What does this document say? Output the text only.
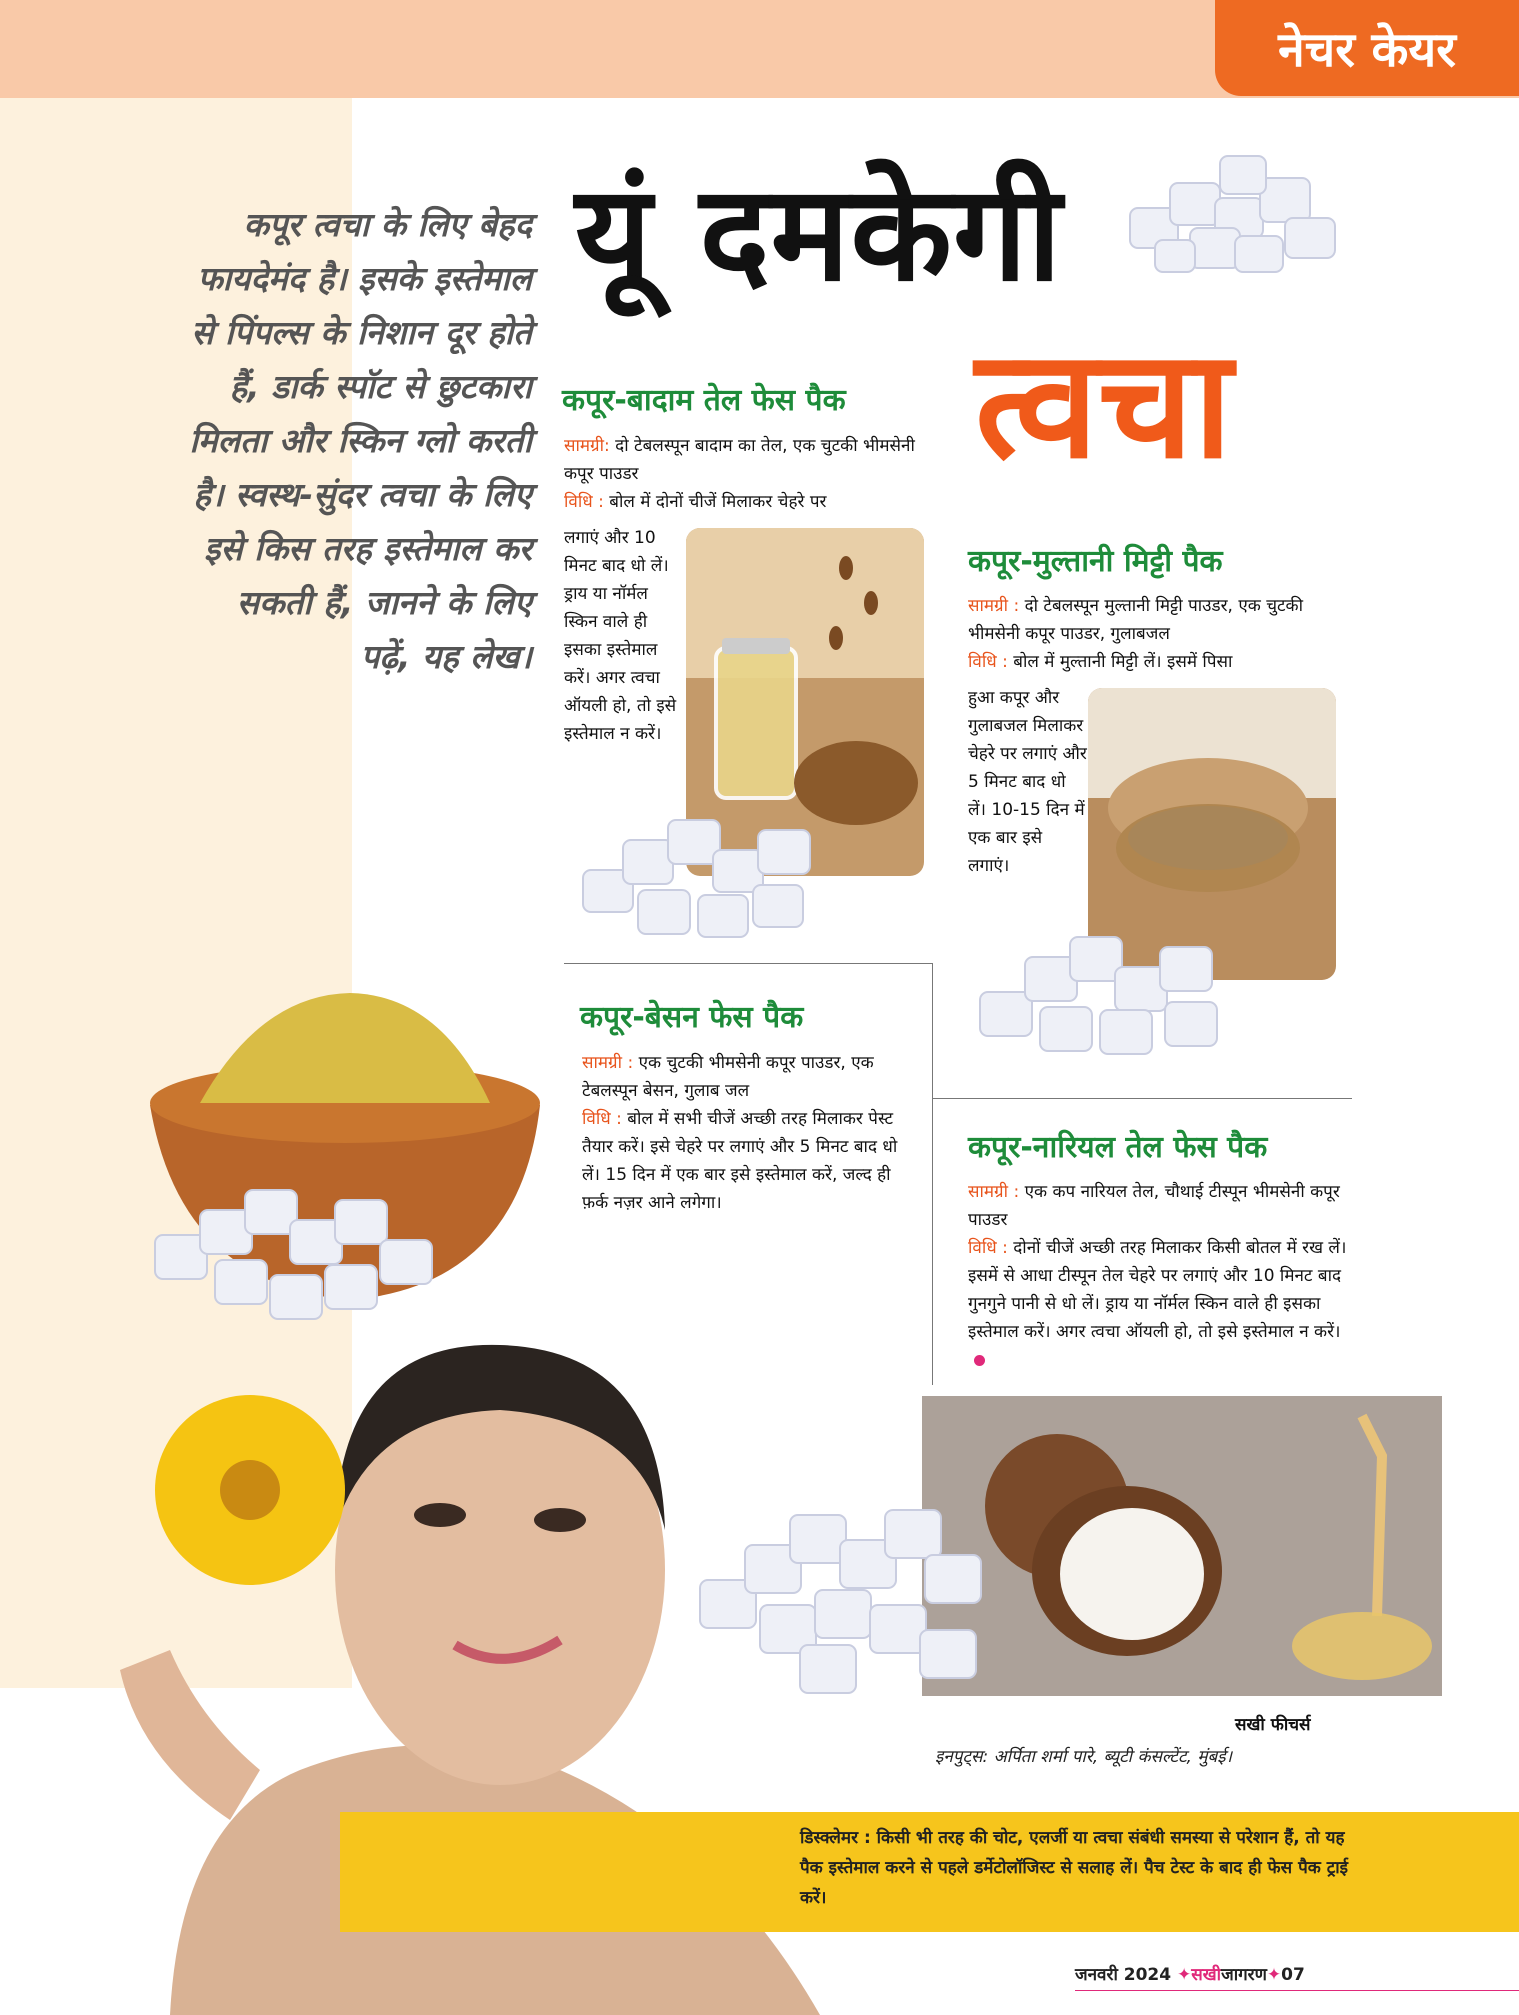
नेचर केयर
यूं दमकेगी
त्वचा
कपूर त्वचा के लिए बेहद फायदेमंद है। इसके इस्तेमाल से पिंपल्स के निशान दूर होते हैं, डार्क स्पॉट से छुटकारा मिलता और स्किन ग्लो करती है। स्वस्थ-सुंदर त्वचा के लिए इसे किस तरह इस्तेमाल कर सकती हैं, जानने के लिए पढ़ें, यह लेख।
कपूर-बादाम तेल फेस पैक
सामग्री: दो टेबलस्पून बादाम का तेल, एक चुटकी भीमसेनी कपूर पाउडर
विधि : बोल में दोनों चीजें मिलाकर चेहरे पर
लगाएं और 10 मिनट बाद धो लें। ड्राय या नॉर्मल स्किन वाले ही इसका इस्तेमाल करें। अगर त्वचा ऑयली हो, तो इसे इस्तेमाल न करें।
कपूर-मुल्तानी मिट्टी पैक
सामग्री : दो टेबलस्पून मुल्तानी मिट्टी पाउडर, एक चुटकी भीमसेनी कपूर पाउडर, गुलाबजल
विधि : बोल में मुल्तानी मिट्टी लें। इसमें पिसा
हुआ कपूर और गुलाबजल मिलाकर चेहरे पर लगाएं और 5 मिनट बाद धो लें। 10-15 दिन में एक बार इसे लगाएं।
कपूर-बेसन फेस पैक
सामग्री : एक चुटकी भीमसेनी कपूर पाउडर, एक टेबलस्पून बेसन, गुलाब जल
विधि : बोल में सभी चीजें अच्छी तरह मिलाकर पेस्ट तैयार करें। इसे चेहरे पर लगाएं और 5 मिनट बाद धो लें। 15 दिन में एक बार इसे इस्तेमाल करें, जल्द ही फ़र्क नज़र आने लगेगा।
कपूर-नारियल तेल फेस पैक
सामग्री : एक कप नारियल तेल, चौथाई टीस्पून भीमसेनी कपूर पाउडर
विधि : दोनों चीजें अच्छी तरह मिलाकर किसी बोतल में रख लें। इसमें से आधा टीस्पून तेल चेहरे पर लगाएं और 10 मिनट बाद गुनगुने पानी से धो लें। ड्राय या नॉर्मल स्किन वाले ही इसका इस्तेमाल करें। अगर त्वचा ऑयली हो, तो इसे इस्तेमाल न करें।
सखी फीचर्स
इनपुट्स: अर्पिता शर्मा पारे, ब्यूटी कंसल्टेंट, मुंबई।
डिस्क्लेमर : किसी भी तरह की चोट, एलर्जी या त्वचा संबंधी समस्या से परेशान हैं, तो यह पैक इस्तेमाल करने से पहले डर्मेटोलॉजिस्ट से सलाह लें। पैच टेस्ट के बाद ही फेस पैक ट्राई करें।
जनवरी 2024 ✦सखीजागरण✦07
